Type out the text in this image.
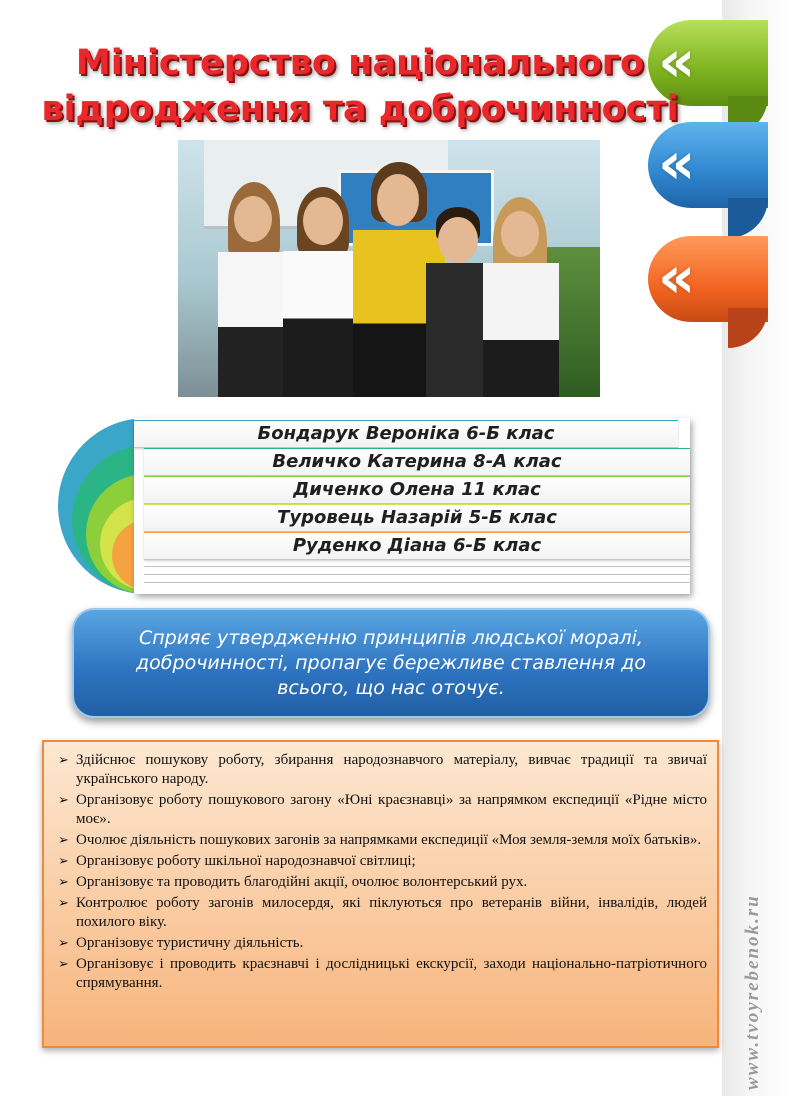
«
«
«
Міністерство національного
відродження та доброчинності
Бондарук Вероніка 6-Б клас
Величко Катерина 8-А клас
Диченко Олена 11 клас
Туровець Назарій 5-Б клас
Руденко Діана 6-Б клас
Сприяє утвердженню принципів людської моралі, доброчинності, пропагує бережливе ставлення до всього, що нас оточує.
➢ Здійснює пошукову роботу, збирання народознавчого матеріалу, вивчає традиції та звичаї українського народу.
➢ Організовує роботу пошукового загону «Юні краєзнавці» за напрямком експедиції «Рідне місто моє».
➢ Очолює діяльність пошукових загонів за напрямками експедиції «Моя земля-земля моїх батьків».
➢ Організовує роботу шкільної народознавчої світлиці;
➢ Організовує та проводить благодійні акції, очолює волонтерський рух.
➢ Контролює роботу загонів милосердя, які піклуються про ветеранів війни, інвалідів, людей похилого віку.
➢ Організовує туристичну діяльність.
➢ Організовує і проводить краєзнавчі і дослідницькі екскурсії, заходи національно-патріотичного спрямування.	www.tvoyrebenok.ru
